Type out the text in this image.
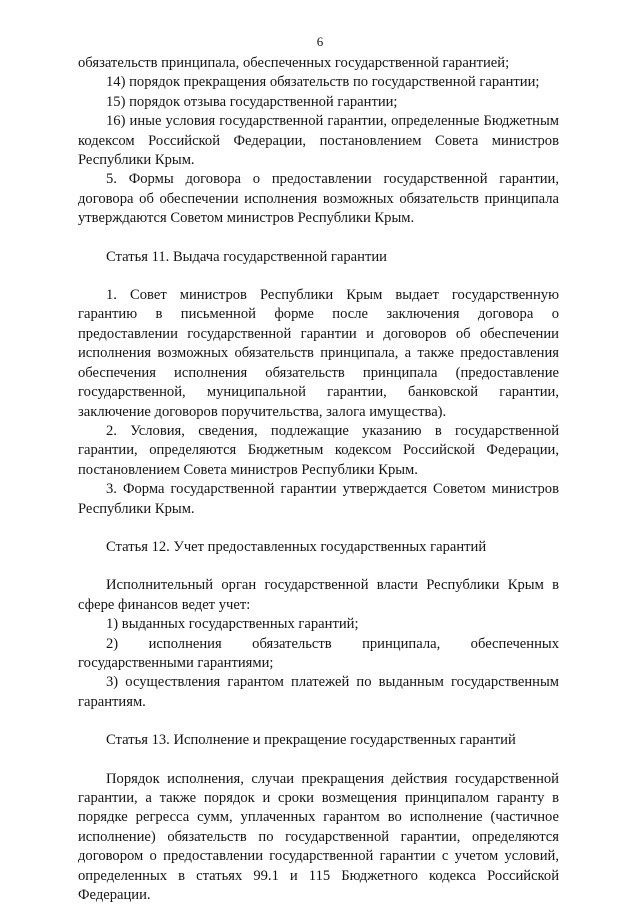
6

обязательств принципала, обеспеченных государственной гарантией;

14) порядок прекращения обязательств по государственной гарантии;

15) порядок отзыва государственной гарантии;

16) иные условия государственной гарантии, определенные Бюджетным кодексом Российской Федерации, постановлением Совета министров Республики Крым.

5. Формы договора о предоставлении государственной гарантии, договора об обеспечении исполнения возможных обязательств принципала утверждаются Советом министров Республики Крым.

Статья 11. Выдача государственной гарантии

1. Совет министров Республики Крым выдает государственную гарантию в письменной форме после заключения договора о предоставлении государственной гарантии и договоров об обеспечении исполнения возможных обязательств принципала, а также предоставления обеспечения исполнения обязательств принципала (предоставление государственной, муниципальной гарантии, банковской гарантии, заключение договоров поручительства, залога имущества).

2. Условия, сведения, подлежащие указанию в государственной гарантии, определяются Бюджетным кодексом Российской Федерации, постановлением Совета министров Республики Крым.

3. Форма государственной гарантии утверждается Советом министров Республики Крым.

Статья 12. Учет предоставленных государственных гарантий

Исполнительный орган государственной власти Республики Крым в сфере финансов ведет учет:

1) выданных государственных гарантий;

2) исполнения обязательств принципала, обеспеченных

государственными гарантиями;

3) осуществления гарантом платежей по выданным государственным гарантиям.

Статья 13. Исполнение и прекращение государственных гарантий

Порядок исполнения, случаи прекращения действия государственной гарантии, а также порядок и сроки возмещения принципалом гаранту в порядке регресса сумм, уплаченных гарантом во исполнение (частичное исполнение) обязательств по государственной гарантии, определяются договором о предоставлении государственной гарантии с учетом условий, определенных в статьях 99.1 и 115 Бюджетного кодекса Российской Федерации.
